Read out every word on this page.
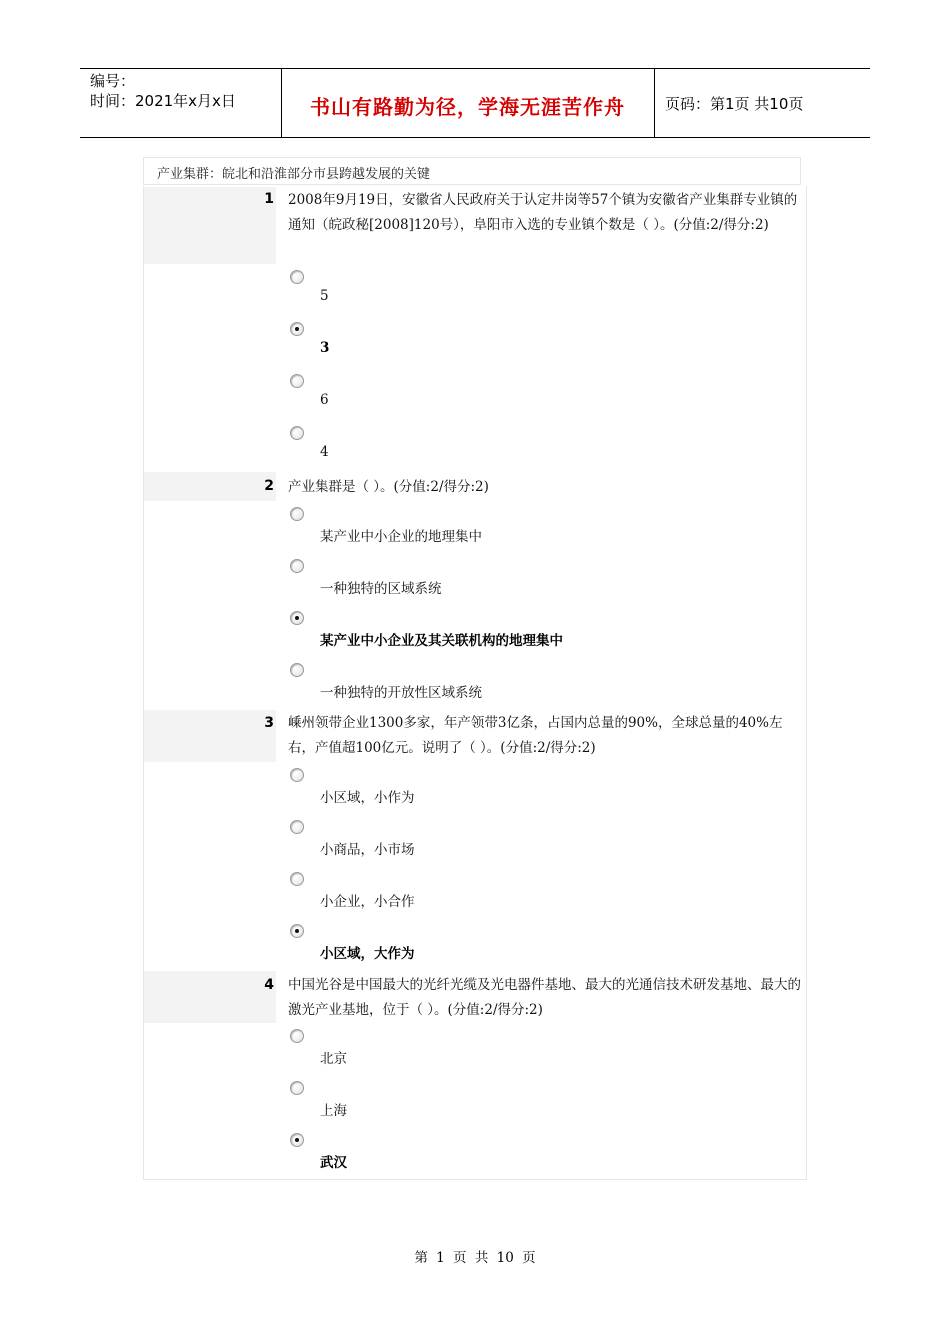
编号：
时间：2021年x月x日	书山有路勤为径，学海无涯苦作舟	页码：第1页 共10页
产业集群：皖北和沿淮部分市县跨越发展的关键
1 2008年9月19日，安徽省人民政府关于认定井岗等57个镇为安徽省产业集群专业镇的通知（皖政秘[2008]120号），阜阳市入选的专业镇个数是（ ）。(分值:2/得分:2)
5
3
6
4
2 产业集群是（ ）。(分值:2/得分:2)
某产业中小企业的地理集中
一种独特的区域系统
某产业中小企业及其关联机构的地理集中
一种独特的开放性区域系统
3 嵊州领带企业1300多家，年产领带3亿条，占国内总量的90%，全球总量的40%左右，产值超100亿元。说明了（ ）。(分值:2/得分:2)
小区域，小作为
小商品，小市场
小企业，小合作
小区域，大作为
4 中国光谷是中国最大的光纤光缆及光电器件基地、最大的光通信技术研发基地、最大的激光产业基地，位于（ ）。(分值:2/得分:2)
北京
上海
武汉
第 1 页 共 10 页
